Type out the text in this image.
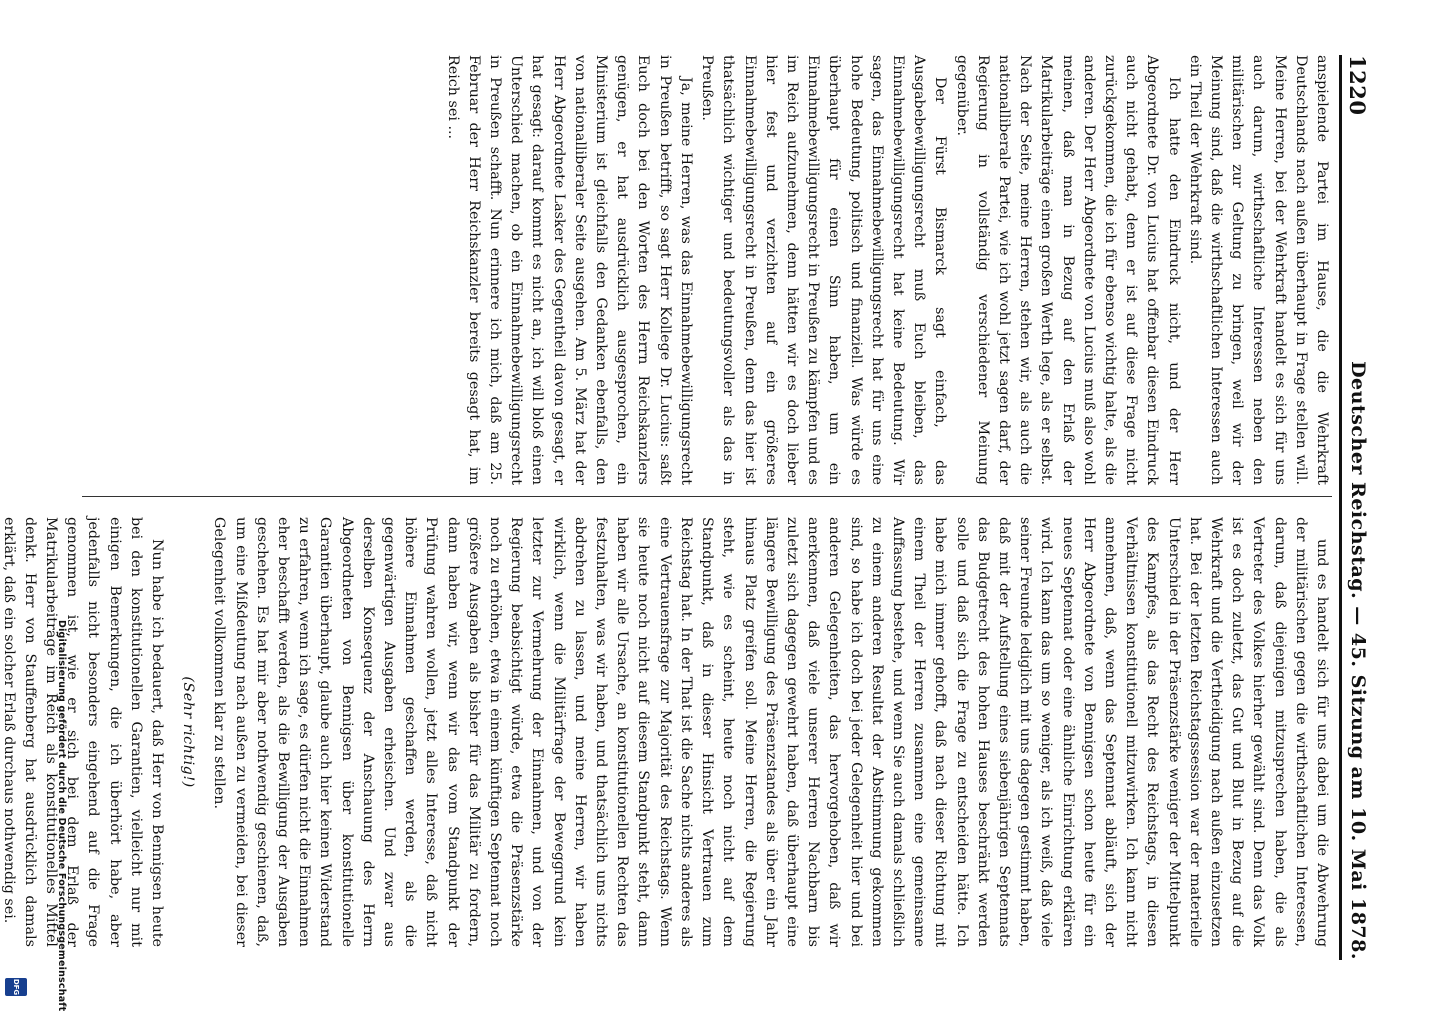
1220
Deutscher Reichstag. — 45. Sitzung am 10. Mai 1878.

anspielende Partei im Hause, die die Wehrkraft Deutschlands nach außen überhaupt in Frage stellen will. Meine Herren, bei der Wehrkraft handelt es sich für uns auch darum, wirthschaftliche Interessen neben den militärischen zur Geltung zu bringen, weil wir der Meinung sind, daß die wirthschaftlichen Interessen auch ein Theil der Wehrkraft sind.

Ich hatte den Eindruck nicht, und der Herr Abgeordnete Dr. von Lucius hat offenbar diesen Eindruck auch nicht gehabt, denn er ist auf diese Frage nicht zurückgekommen, die ich für ebenso wichtig halte, als die anderen. Der Herr Abgeordnete von Lucius muß also wohl meinen, daß man in Bezug auf den Erlaß der Matrikularbeiträge einen großen Werth lege, als er selbst. Nach der Seite, meine Herren, stehen wir, als auch die nationalliberale Partei, wie ich wohl jetzt sagen darf, der Regierung in vollständig verschiedener Meinung gegenüber.

Der Fürst Bismarck sagt einfach, das Ausgabebewilligungsrecht muß Euch bleiben, das Einnahmebewilligungsrecht hat keine Bedeutung. Wir sagen, das Einnahmebewilligungsrecht hat für uns eine hohe Bedeutung, politisch und finanziell. Was würde es überhaupt für einen Sinn haben, um ein Einnahmebewilligungsrecht in Preußen zu kämpfen und es im Reich aufzunehmen, denn hätten wir es doch lieber hier fest und verzichten auf ein größeres Einnahmebewilligungsrecht in Preußen, denn das hier ist thatsächlich wichtiger und bedeutungsvoller als das in Preußen.

Ja, meine Herren, was das Einnahmebewilligungsrecht in Preußen betrifft, so sagt Herr Kollege Dr. Lucius: saßt Euch doch bei den Worten des Herrn Reichskanzlers genügen, er hat ausdrücklich ausgesprochen, ein Ministerium ist gleichfalls den Gedanken ebenfalls, den von nationalliberaler Seite ausgehen. Am 5. März hat der Herr Abgeordnete Lasker des Gegentheil davon gesagt, er hat gesagt: darauf kommt es nicht an, ich will bloß einen Unterschied machen, ob ein Einnahmebewilligungsrecht in Preußen schafft. Nun erinnere ich mich, daß am 25. Februar der Herr Reichskanzler bereits gesagt hat, im Reich sei ...

und es handelt sich für uns dabei um die Abwehrung der militärischen gegen die wirthschaftlichen Interessen, darum, daß diejenigen mitzusprechen haben, die als Vertreter des Volkes hierher gewählt sind. Denn das Volk ist es doch zuletzt, das Gut und Blut in Bezug auf die Wehrkraft und die Vertheidigung nach außen einzusetzen hat. Bei der letzten Reichstagssession war der materielle Unterschied in der Präsenzstärke weniger der Mittelpunkt des Kampfes, als das Recht des Reichstags, in diesen Verhältnissen konstitutionell mitzuwirken. Ich kann nicht annehmen, daß, wenn das Septennat abläuft, sich der Herr Abgeordnete von Bennigsen schon heute für ein neues Septennat oder eine ähnliche Einrichtung erklären wird. Ich kann das um so weniger, als ich weiß, daß viele seiner Freunde lediglich mit uns dagegen gestimmt haben, daß mit der Aufstellung eines siebenjährigen Septennats das Budgetrecht des hohen Hauses beschränkt werden solle und daß sich die Frage zu entscheiden hätte. Ich habe mich immer gehofft, daß nach dieser Richtung mit einem Theil der Herren zusammen eine gemeinsame Auffassung bestehe, und wenn Sie auch damals schließlich zu einem anderen Resultat der Abstimmung gekommen sind, so habe ich doch bei jeder Gelegenheit hier und bei anderen Gelegenheiten, das hervorgehoben, daß wir anerkennen, daß viele unserer Herren Nachbarn bis zuletzt sich dagegen gewehrt haben, daß überhaupt eine längere Bewilligung des Präsenzstandes als über ein Jahr hinaus Platz greifen soll. Meine Herren, die Regierung steht, wie es scheint, heute noch nicht auf dem Standpunkt, daß in dieser Hinsicht Vertrauen zum Reichstag hat. In der That ist die Sache nichts anderes als eine Vertrauensfrage zur Majorität des Reichstags. Wenn sie heute noch nicht auf diesem Standpunkt steht, dann haben wir alle Ursache, an konstitutionellen Rechten das festzuhalten, was wir haben, und thatsächlich uns nichts abdrehen zu lassen, und meine Herren, wir haben wirklich, wenn die Militärfrage der Beweggrund kein letzter zur Vermehrung der Einnahmen, und von der Regierung beabsichtigt würde, etwa die Präsenzstärke noch zu erhöhen, etwa in einem künftigen Septennat noch größere Ausgaben als bisher für das Militär zu fordern, dann haben wir, wenn wir das vom Standpunkt der Prüfung wahren wollen, jetzt alles Interesse, daß nicht höhere Einnahmen geschaffen werden, als die gegenwärtigen Ausgaben erheischen. Und zwar aus derselben Konsequenz der Anschauung des Herrn Abgeordneten von Bennigsen über konstitutionelle Garantien überhaupt, glaube auch hier keinen Widerstand zu erfahren, wenn ich sage, es dürfen nicht die Einnahmen eher beschafft werden, als die Bewilligung der Ausgaben geschehen. Es hat mir aber nothwendig geschienen, daß, um eine Mißdeutung nach außen zu vermeiden, bei dieser Gelegenheit vollkommen klar zu stellen.

(Sehr richtig!)

Nun habe ich bedauert, daß Herr von Bennigsen heute bei den konstitutionellen Garantien, vielleicht nur mit einigen Bemerkungen, die ich überhört habe, aber jedenfalls nicht besonders eingehend auf die Frage genommen ist, wie er sich bei dem Erlaß der Matrikularbeiträge im Reich als konstitutionelles Mittel denkt. Herr von Stauffenberg hat ausdrücklich damals erklärt, daß ein solcher Erlaß durchaus nothwendig sei.	Digitalisierung gefördert durch die Deutsche Forschungsgemeinschaft
DFG
